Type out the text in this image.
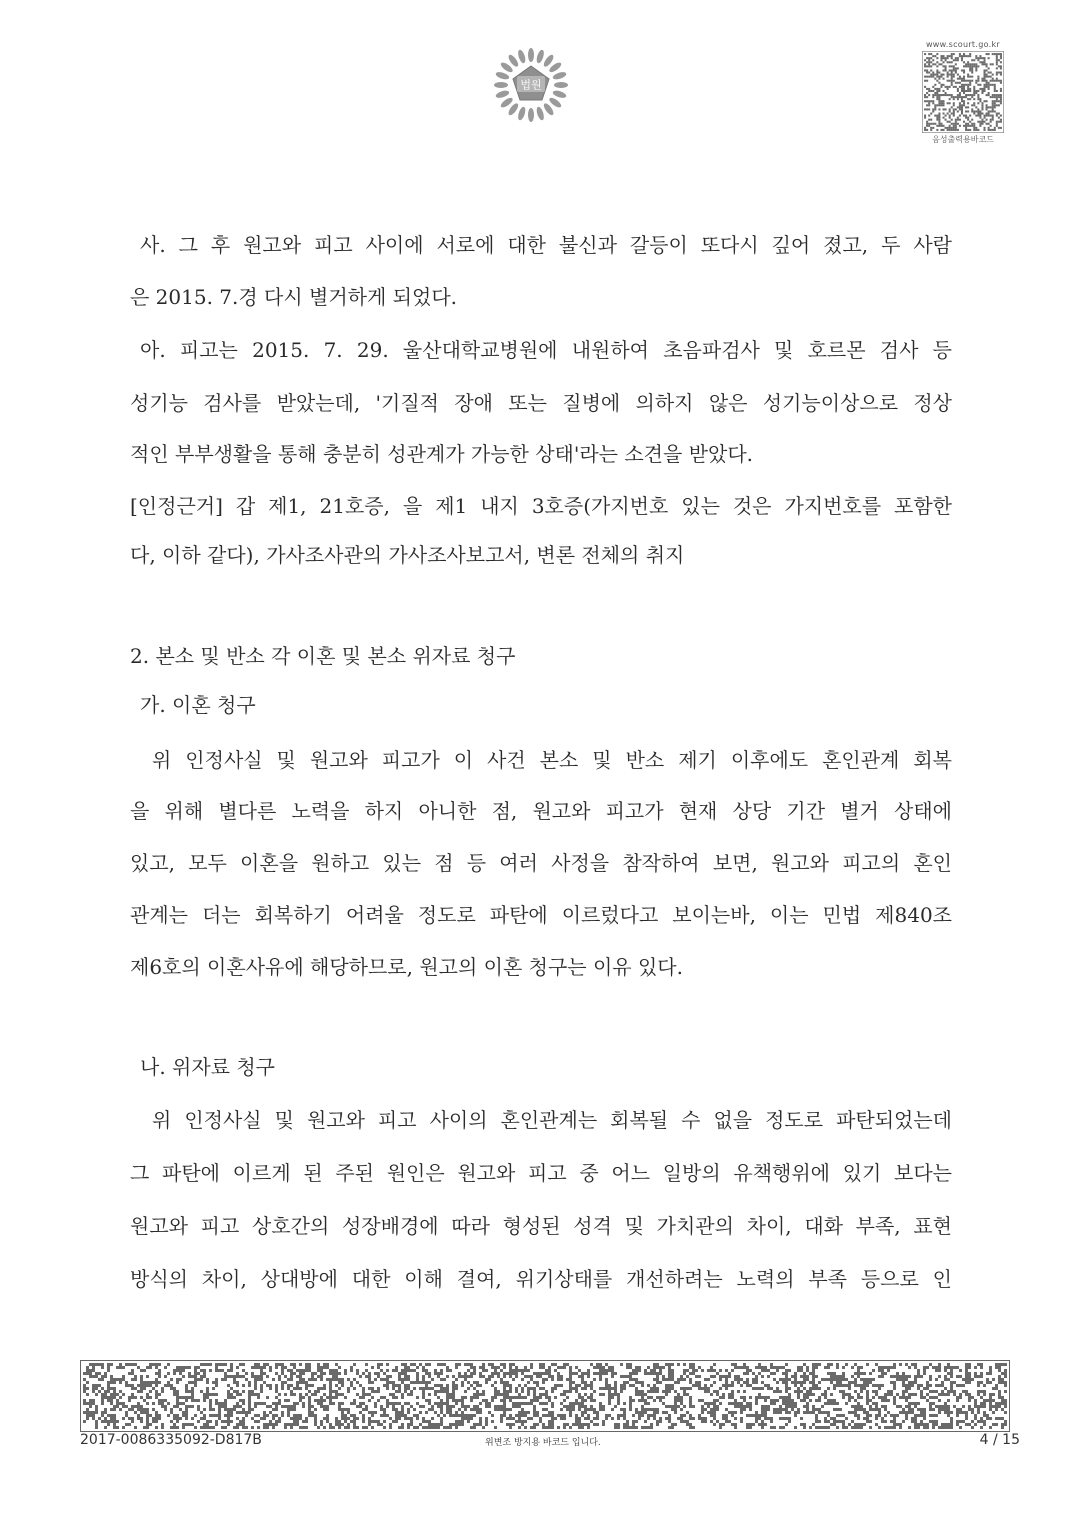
법원
www.scourt.go.kr
음성출력용바코드
사. 그 후 원고와 피고 사이에 서로에 대한 불신과 갈등이 또다시 깊어 졌고, 두 사람
은 2015. 7.경 다시 별거하게 되었다.
아. 피고는 2015. 7. 29. 울산대학교병원에 내원하여 초음파검사 및 호르몬 검사 등
성기능 검사를 받았는데, '기질적 장애 또는 질병에 의하지 않은 성기능이상으로 정상
적인 부부생활을 통해 충분히 성관계가 가능한 상태'라는 소견을 받았다.
[인정근거] 갑 제1, 21호증, 을 제1 내지 3호증(가지번호 있는 것은 가지번호를 포함한
다, 이하 같다), 가사조사관의 가사조사보고서, 변론 전체의 취지
2. 본소 및 반소 각 이혼 및 본소 위자료 청구
가. 이혼 청구
위 인정사실 및 원고와 피고가 이 사건 본소 및 반소 제기 이후에도 혼인관계 회복
을 위해 별다른 노력을 하지 아니한 점, 원고와 피고가 현재 상당 기간 별거 상태에
있고, 모두 이혼을 원하고 있는 점 등 여러 사정을 참작하여 보면, 원고와 피고의 혼인
관계는 더는 회복하기 어려울 정도로 파탄에 이르렀다고 보이는바, 이는 민법 제840조
제6호의 이혼사유에 해당하므로, 원고의 이혼 청구는 이유 있다.
나. 위자료 청구
위 인정사실 및 원고와 피고 사이의 혼인관계는 회복될 수 없을 정도로 파탄되었는데
그 파탄에 이르게 된 주된 원인은 원고와 피고 중 어느 일방의 유책행위에 있기 보다는
원고와 피고 상호간의 성장배경에 따라 형성된 성격 및 가치관의 차이, 대화 부족, 표현
방식의 차이, 상대방에 대한 이해 결여, 위기상태를 개선하려는 노력의 부족 등으로 인
2017-0086335092-D817B	위변조 방지용 바코드 입니다.	4 / 15
